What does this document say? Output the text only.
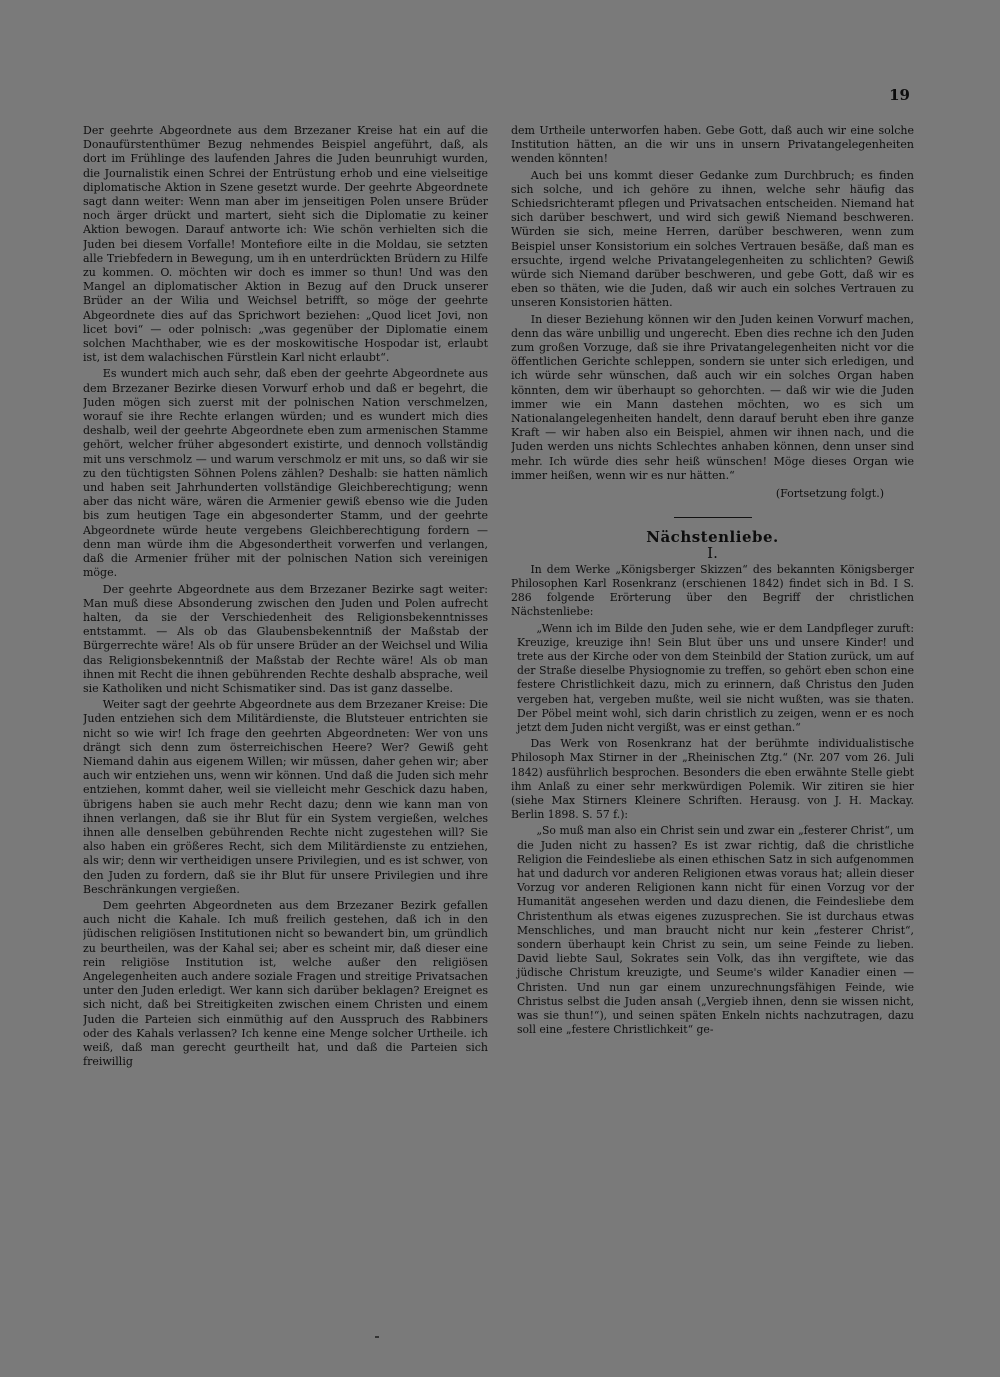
19

Der geehrte Abgeordnete aus dem Brzezaner Kreise hat ein auf die Donaufürstenthümer Bezug nehmendes Beispiel angeführt, daß, als dort im Frühlinge des laufenden Jahres die Juden beunruhigt wurden, die Journalistik einen Schrei der Entrüstung erhob und eine vielseitige diplomatische Aktion in Szene gesetzt wurde. Der geehrte Abgeordnete sagt dann weiter: Wenn man aber im jenseitigen Polen unsere Brüder noch ärger drückt und martert, sieht sich die Diplomatie zu keiner Aktion bewogen. Darauf antworte ich: Wie schön verhielten sich die Juden bei diesem Vorfalle! Montefiore eilte in die Moldau, sie setzten alle Triebfedern in Bewegung, um ih en unterdrückten Brüdern zu Hilfe zu kommen. O. möchten wir doch es immer so thun! Und was den Mangel an diplomatischer Aktion in Bezug auf den Druck unserer Brüder an der Wilia und Weichsel betrifft, so möge der geehrte Abgeordnete dies auf das Sprichwort beziehen: „Quod licet Jovi, non licet bovi“ — oder polnisch: „was gegenüber der Diplomatie einem solchen Machthaber, wie es der moskowitische Hospodar ist, erlaubt ist, ist dem walachischen Fürstlein Karl nicht erlaubt“.

Es wundert mich auch sehr, daß eben der geehrte Abgeordnete aus dem Brzezaner Bezirke diesen Vorwurf erhob und daß er begehrt, die Juden mögen sich zuerst mit der polnischen Nation verschmelzen, worauf sie ihre Rechte erlangen würden; und es wundert mich dies deshalb, weil der geehrte Abgeordnete eben zum armenischen Stamme gehört, welcher früher abgesondert existirte, und dennoch vollständig mit uns verschmolz — und warum verschmolz er mit uns, so daß wir sie zu den tüchtigsten Söhnen Polens zählen? Deshalb: sie hatten nämlich und haben seit Jahrhunderten vollständige Gleichberechtigung; wenn aber das nicht wäre, wären die Armenier gewiß ebenso wie die Juden bis zum heutigen Tage ein abgesonderter Stamm, und der geehrte Abgeordnete würde heute vergebens Gleichberechtigung fordern — denn man würde ihm die Abgesondertheit vorwerfen und verlangen, daß die Armenier früher mit der polnischen Nation sich vereinigen möge.

Der geehrte Abgeordnete aus dem Brzezaner Bezirke sagt weiter: Man muß diese Absonderung zwischen den Juden und Polen aufrecht halten, da sie der Verschiedenheit des Religionsbekenntnisses entstammt. — Als ob das Glaubensbekenntniß der Maßstab der Bürgerrechte wäre! Als ob für unsere Brüder an der Weichsel und Wilia das Religionsbekenntniß der Maßstab der Rechte wäre! Als ob man ihnen mit Recht die ihnen gebührenden Rechte deshalb absprache, weil sie Katholiken und nicht Schismatiker sind. Das ist ganz dasselbe.

Weiter sagt der geehrte Abgeordnete aus dem Brzezaner Kreise: Die Juden entziehen sich dem Militärdienste, die Blutsteuer entrichten sie nicht so wie wir! Ich frage den geehrten Abgeordneten: Wer von uns drängt sich denn zum österreichischen Heere? Wer? Gewiß geht Niemand dahin aus eigenem Willen; wir müssen, daher gehen wir; aber auch wir entziehen uns, wenn wir können. Und daß die Juden sich mehr entziehen, kommt daher, weil sie vielleicht mehr Geschick dazu haben, übrigens haben sie auch mehr Recht dazu; denn wie kann man von ihnen verlangen, daß sie ihr Blut für ein System vergießen, welches ihnen alle denselben gebührenden Rechte nicht zugestehen will? Sie also haben ein größeres Recht, sich dem Militärdienste zu entziehen, als wir; denn wir vertheidigen unsere Privilegien, und es ist schwer, von den Juden zu fordern, daß sie ihr Blut für unsere Privilegien und ihre Beschränkungen vergießen.

Dem geehrten Abgeordneten aus dem Brzezaner Bezirk gefallen auch nicht die Kahale. Ich muß freilich gestehen, daß ich in den jüdischen religiösen Institutionen nicht so bewandert bin, um gründlich zu beurtheilen, was der Kahal sei; aber es scheint mir, daß dieser eine rein religiöse Institution ist, welche außer den religiösen Angelegenheiten auch andere soziale Fragen und streitige Privatsachen unter den Juden erledigt. Wer kann sich darüber beklagen? Ereignet es sich nicht, daß bei Streitigkeiten zwischen einem Christen und einem Juden die Parteien sich einmüthig auf den Ausspruch des Rabbiners oder des Kahals verlassen? Ich kenne eine Menge solcher Urtheile. ich weiß, daß man gerecht geurtheilt hat, und daß die Parteien sich freiwillig

dem Urtheile unterworfen haben. Gebe Gott, daß auch wir eine solche Institution hätten, an die wir uns in unsern Privatangelegenheiten wenden könnten!

Auch bei uns kommt dieser Gedanke zum Durchbruch; es finden sich solche, und ich gehöre zu ihnen, welche sehr häufig das Schiedsrichteramt pflegen und Privatsachen entscheiden. Niemand hat sich darüber beschwert, und wird sich gewiß Niemand beschweren. Würden sie sich, meine Herren, darüber beschweren, wenn zum Beispiel unser Konsistorium ein solches Vertrauen besäße, daß man es ersuchte, irgend welche Privatangelegenheiten zu schlichten? Gewiß würde sich Niemand darüber beschweren, und gebe Gott, daß wir es eben so thäten, wie die Juden, daß wir auch ein solches Vertrauen zu unseren Konsistorien hätten.

In dieser Beziehung können wir den Juden keinen Vorwurf machen, denn das wäre unbillig und ungerecht. Eben dies rechne ich den Juden zum großen Vorzuge, daß sie ihre Privatangelegenheiten nicht vor die öffentlichen Gerichte schleppen, sondern sie unter sich erledigen, und ich würde sehr wünschen, daß auch wir ein solches Organ haben könnten, dem wir überhaupt so gehorchten. — daß wir wie die Juden immer wie ein Mann dastehen möchten, wo es sich um Nationalangelegenheiten handelt, denn darauf beruht eben ihre ganze Kraft — wir haben also ein Beispiel, ahmen wir ihnen nach, und die Juden werden uns nichts Schlechtes anhaben können, denn unser sind mehr. Ich würde dies sehr heiß wünschen! Möge dieses Organ wie immer heißen, wenn wir es nur hätten.“

(Fortsetzung folgt.)

Nächstenliebe.
I.

In dem Werke „Königsberger Skizzen“ des bekannten Königsberger Philosophen Karl Rosenkranz (erschienen 1842) findet sich in Bd. I S. 286 folgende Erörterung über den Begriff der christlichen Nächstenliebe:

„Wenn ich im Bilde den Juden sehe, wie er dem Landpfleger zuruft: Kreuzige, kreuzige ihn! Sein Blut über uns und unsere Kinder! und trete aus der Kirche oder von dem Steinbild der Station zurück, um auf der Straße dieselbe Physiognomie zu treffen, so gehört eben schon eine festere Christlichkeit dazu, mich zu erinnern, daß Christus den Juden vergeben hat, vergeben mußte, weil sie nicht wußten, was sie thaten. Der Pöbel meint wohl, sich darin christlich zu zeigen, wenn er es noch jetzt dem Juden nicht vergißt, was er einst gethan.“

Das Werk von Rosenkranz hat der berühmte individualistische Philosoph Max Stirner in der „Rheinischen Ztg.“ (Nr. 207 vom 26. Juli 1842) ausführlich besprochen. Besonders die eben erwähnte Stelle giebt ihm Anlaß zu einer sehr merkwürdigen Polemik. Wir zitiren sie hier (siehe Max Stirners Kleinere Schriften. Herausg. von J. H. Mackay. Berlin 1898. S. 57 f.):

„So muß man also ein Christ sein und zwar ein „festerer Christ“, um die Juden nicht zu hassen? Es ist zwar richtig, daß die christliche Religion die Feindesliebe als einen ethischen Satz in sich aufgenommen hat und dadurch vor anderen Religionen etwas voraus hat; allein dieser Vorzug vor anderen Religionen kann nicht für einen Vorzug vor der Humanität angesehen werden und dazu dienen, die Feindesliebe dem Christenthum als etwas eigenes zuzusprechen. Sie ist durchaus etwas Menschliches, und man braucht nicht nur kein „festerer Christ“, sondern überhaupt kein Christ zu sein, um seine Feinde zu lieben. David liebte Saul, Sokrates sein Volk, das ihn vergiftete, wie das jüdische Christum kreuzigte, und Seume's wilder Kanadier einen — Christen. Und nun gar einem unzurechnungsfähigen Feinde, wie Christus selbst die Juden ansah („Vergieb ihnen, denn sie wissen nicht, was sie thun!“), und seinen späten Enkeln nichts nachzutragen, dazu soll eine „festere Christlichkeit“ ge-
